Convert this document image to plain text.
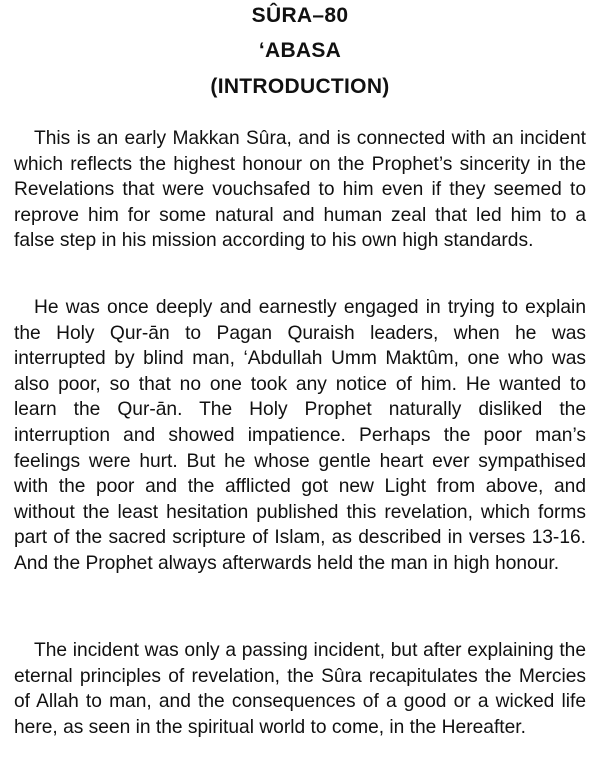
SÛRA–80
‘ABASA
(INTRODUCTION)

This is an early Makkan Sûra, and is connected with an incident which reflects the highest honour on the Prophet’s sincerity in the Revelations that were vouchsafed to him even if they seemed to reprove him for some natural and human zeal that led him to a false step in his mission according to his own high standards.

He was once deeply and earnestly engaged in trying to explain the Holy Qur-ān to Pagan Quraish leaders, when he was interrupted by blind man, ‘Abdullah Umm Maktûm, one who was also poor, so that no one took any notice of him. He wanted to learn the Qur-ān. The Holy Prophet naturally disliked the interruption and showed impatience. Perhaps the poor man’s feelings were hurt. But he whose gentle heart ever sympathised with the poor and the afflicted got new Light from above, and without the least hesitation published this revelation, which forms part of the sacred scripture of Islam, as described in verses 13-16. And the Prophet always afterwards held the man in high honour.

The incident was only a passing incident, but after explaining the eternal principles of revelation, the Sûra recapitulates the Mercies of Allah to man, and the consequences of a good or a wicked life here, as seen in the spiritual world to come, in the Hereafter.
